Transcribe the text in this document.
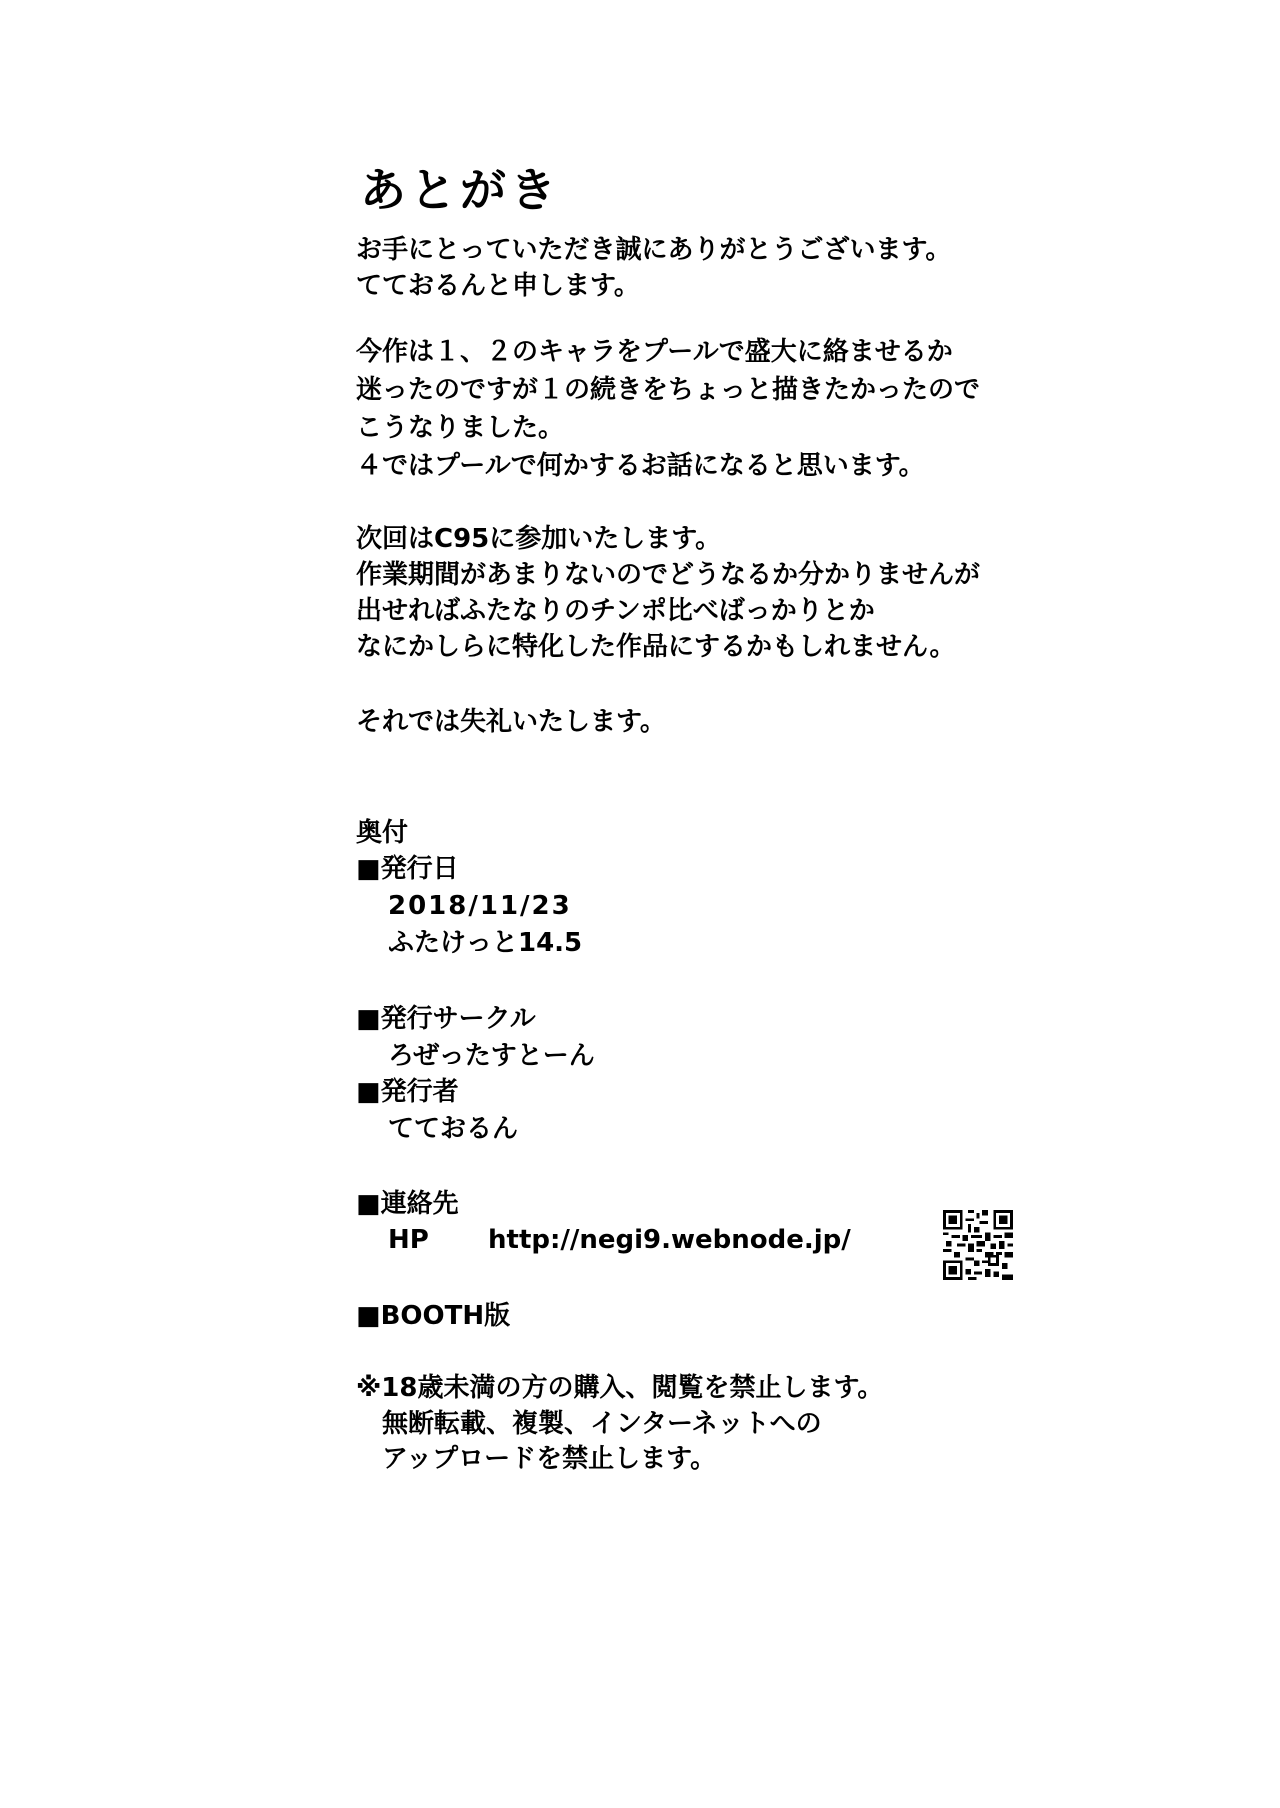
あとがき
お手にとっていただき誠にありがとうございます。
てておるんと申します。
今作は１、２のキャラをプールで盛大に絡ませるか
迷ったのですが１の続きをちょっと描きたかったので
こうなりました。
４ではプールで何かするお話になると思います。
次回はC95に参加いたします。
作業期間があまりないのでどうなるか分かりませんが
出せればふたなりのチンポ比べばっかりとか
なにかしらに特化した作品にするかもしれません。
それでは失礼いたします。
奥付
■発行日
2018/11/23
ふたけっと14.5
■発行サークル
ろぜったすとーん
■発行者
てておるん
■連絡先
HP http://negi9.webnode.jp/
■BOOTH版
※18歳未満の方の購入、閲覧を禁止します。
無断転載、複製、インターネットへの
アップロードを禁止します。
